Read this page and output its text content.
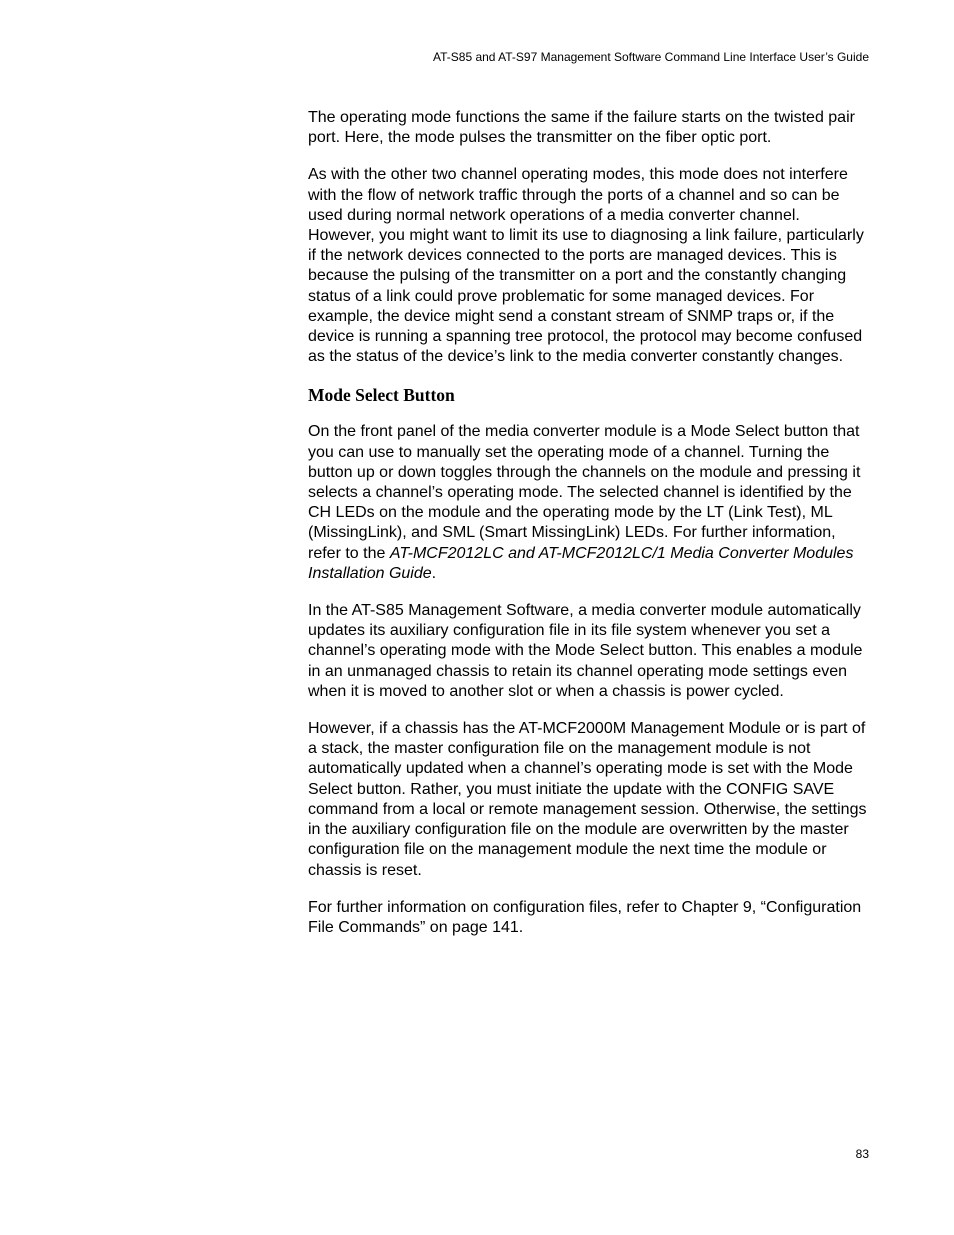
AT-S85 and AT-S97 Management Software Command Line Interface User’s Guide

The operating mode functions the same if the failure starts on the twisted pair port. Here, the mode pulses the transmitter on the fiber optic port.

As with the other two channel operating modes, this mode does not interfere with the flow of network traffic through the ports of a channel and so can be used during normal network operations of a media converter channel. However, you might want to limit its use to diagnosing a link failure, particularly if the network devices connected to the ports are managed devices. This is because the pulsing of the transmitter on a port and the constantly changing status of a link could prove problematic for some managed devices. For example, the device might send a constant stream of SNMP traps or, if the device is running a spanning tree protocol, the protocol may become confused as the status of the device’s link to the media converter constantly changes.

Mode Select Button

On the front panel of the media converter module is a Mode Select button that you can use to manually set the operating mode of a channel. Turning the button up or down toggles through the channels on the module and pressing it selects a channel’s operating mode. The selected channel is identified by the CH LEDs on the module and the operating mode by the LT (Link Test), ML (MissingLink), and SML (Smart MissingLink) LEDs. For further information, refer to the AT-MCF2012LC and AT-MCF2012LC/1 Media Converter Modules Installation Guide.

In the AT-S85 Management Software, a media converter module automatically updates its auxiliary configuration file in its file system whenever you set a channel’s operating mode with the Mode Select button. This enables a module in an unmanaged chassis to retain its channel operating mode settings even when it is moved to another slot or when a chassis is power cycled.

However, if a chassis has the AT-MCF2000M Management Module or is part of a stack, the master configuration file on the management module is not automatically updated when a channel’s operating mode is set with the Mode Select button. Rather, you must initiate the update with the CONFIG SAVE command from a local or remote management session. Otherwise, the settings in the auxiliary configuration file on the module are overwritten by the master configuration file on the management module the next time the module or chassis is reset.

For further information on configuration files, refer to Chapter 9, “Configuration File Commands” on page 141.

83
